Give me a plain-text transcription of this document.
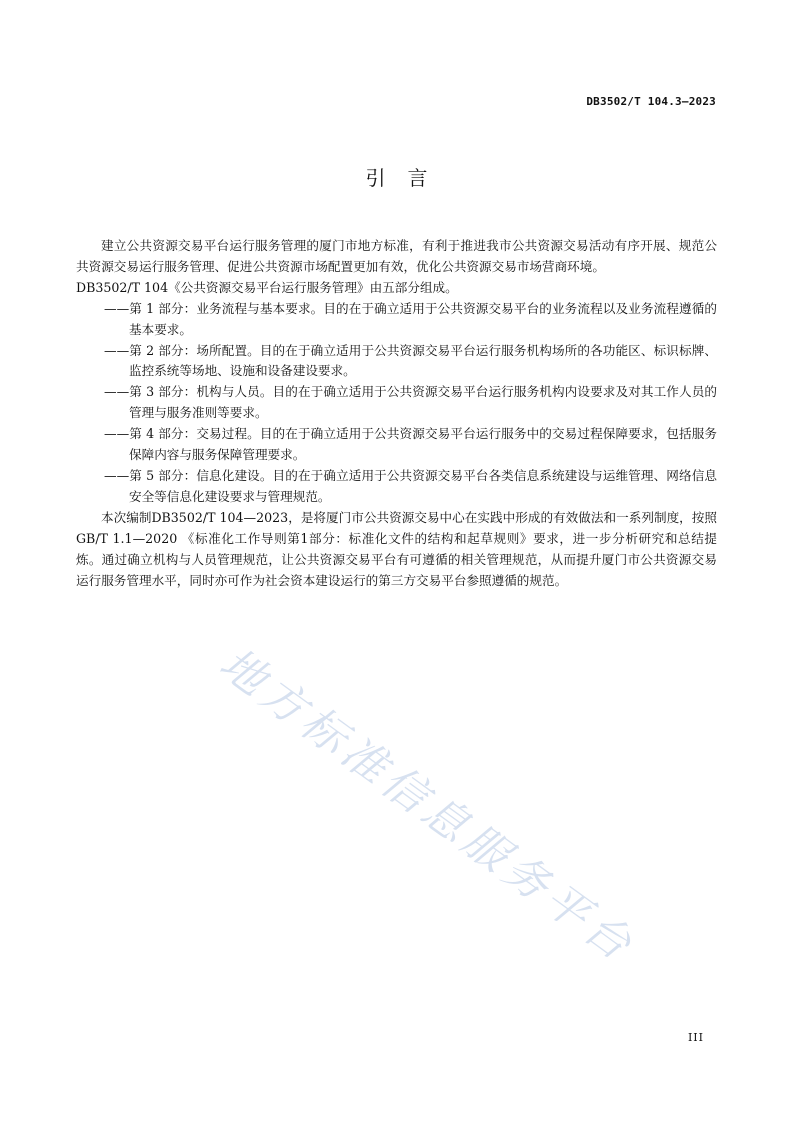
DB3502/T 104.3—2023
引言

建立公共资源交易平台运行服务管理的厦门市地方标准，有利于推进我市公共资源交易活动有序开展、规范公共资源交易运行服务管理、促进公共资源市场配置更加有效，优化公共资源交易市场营商环境。

DB3502/T 104《公共资源交易平台运行服务管理》由五部分组成。

——第 1 部分：业务流程与基本要求。目的在于确立适用于公共资源交易平台的业务流程以及业务流程遵循的基本要求。

——第 2 部分：场所配置。目的在于确立适用于公共资源交易平台运行服务机构场所的各功能区、标识标牌、监控系统等场地、设施和设备建设要求。

——第 3 部分：机构与人员。目的在于确立适用于公共资源交易平台运行服务机构内设要求及对其工作人员的管理与服务准则等要求。

——第 4 部分：交易过程。目的在于确立适用于公共资源交易平台运行服务中的交易过程保障要求，包括服务保障内容与服务保障管理要求。

——第 5 部分：信息化建设。目的在于确立适用于公共资源交易平台各类信息系统建设与运维管理、网络信息安全等信息化建设要求与管理规范。

本次编制DB3502/T 104—2023，是将厦门市公共资源交易中心在实践中形成的有效做法和一系列制度，按照GB/T 1.1—2020 《标准化工作导则第1部分：标准化文件的结构和起草规则》要求，进一步分析研究和总结提炼。通过确立机构与人员管理规范，让公共资源交易平台有可遵循的相关管理规范，从而提升厦门市公共资源交易运行服务管理水平，同时亦可作为社会资本建设运行的第三方交易平台参照遵循的规范。

地方标准信息服务平台
III
